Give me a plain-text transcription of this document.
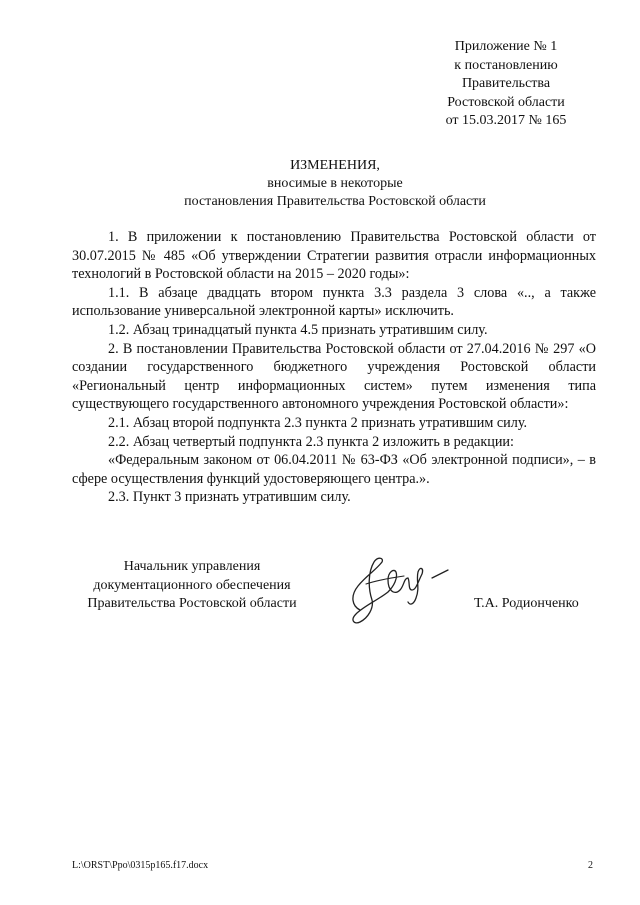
Приложение № 1
к постановлению
Правительства
Ростовской области
от 15.03.2017 № 165
ИЗМЕНЕНИЯ,
вносимые в некоторые
постановления Правительства Ростовской области

1. В приложении к постановлению Правительства Ростовской области от 30.07.2015 № 485 «Об утверждении Стратегии развития отрасли информационных технологий в Ростовской области на 2015 – 2020 годы»:

1.1. В абзаце двадцать втором пункта 3.3 раздела 3 слова «.., а также использование универсальной электронной карты» исключить.

1.2. Абзац тринадцатый пункта 4.5 признать утратившим силу.

2. В постановлении Правительства Ростовской области от 27.04.2016 № 297 «О создании государственного бюджетного учреждения Ростовской области «Региональный центр информационных систем» путем изменения типа существующего государственного автономного учреждения Ростовской области»:

2.1. Абзац второй подпункта 2.3 пункта 2 признать утратившим силу.

2.2. Абзац четвертый подпункта 2.3 пункта 2 изложить в редакции:

«Федеральным законом от 06.04.2011 № 63-ФЗ «Об электронной подписи», – в сфере осуществления функций удостоверяющего центра.».

2.3. Пункт 3 признать утратившим силу.

Начальник управления
документационного обеспечения
Правительства Ростовской области	Т.А. Родионченко
L:\ORST\Ppo\0315p165.f17.docx	2
